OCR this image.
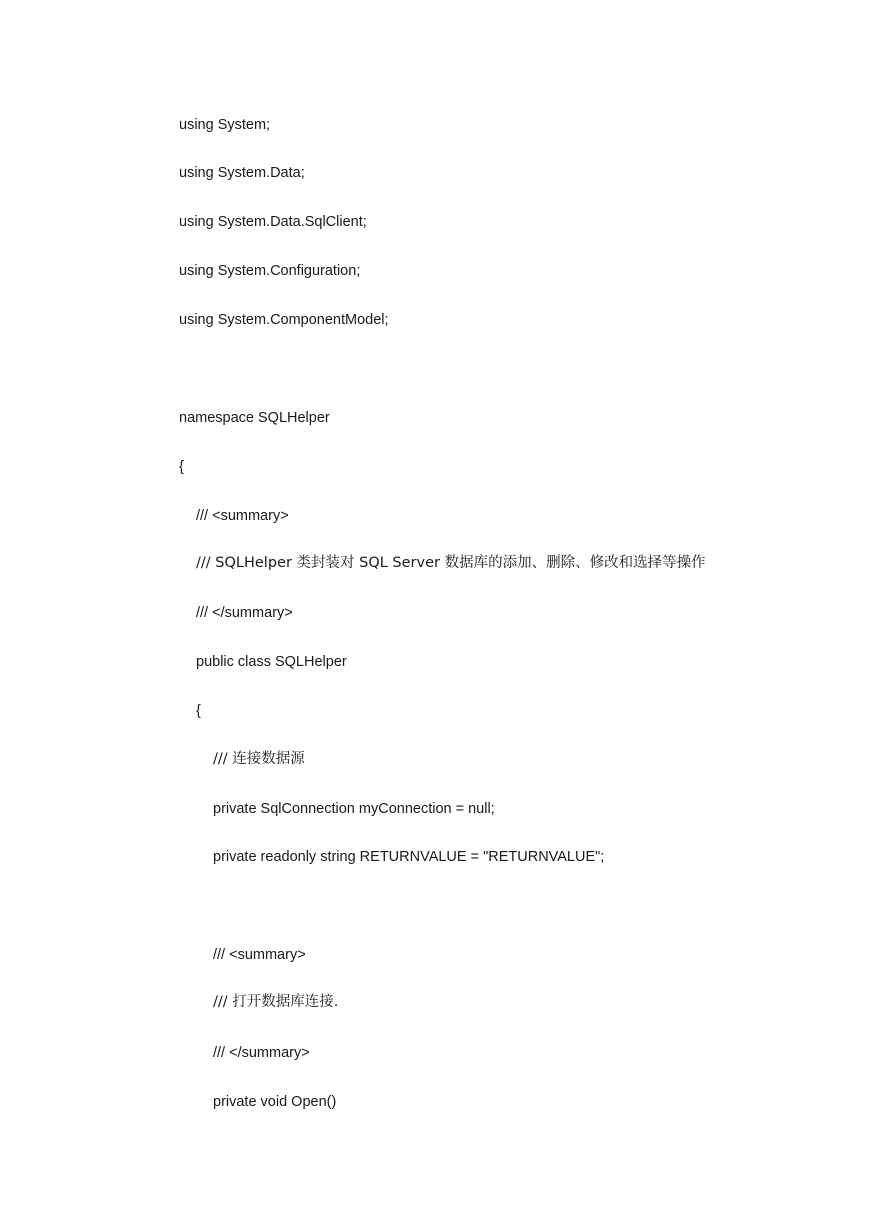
using System;
using System.Data;
using System.Data.SqlClient;
using System.Configuration;
using System.ComponentModel;
namespace SQLHelper
{
/// <summary>
/// SQLHelper 类封装对 SQL Server 数据库的添加、删除、修改和选择等操作
/// </summary>
public class SQLHelper
{
/// 连接数据源
private SqlConnection myConnection = null;
private readonly string RETURNVALUE = "RETURNVALUE";
/// <summary>
/// 打开数据库连接.
/// </summary>
private void Open()
